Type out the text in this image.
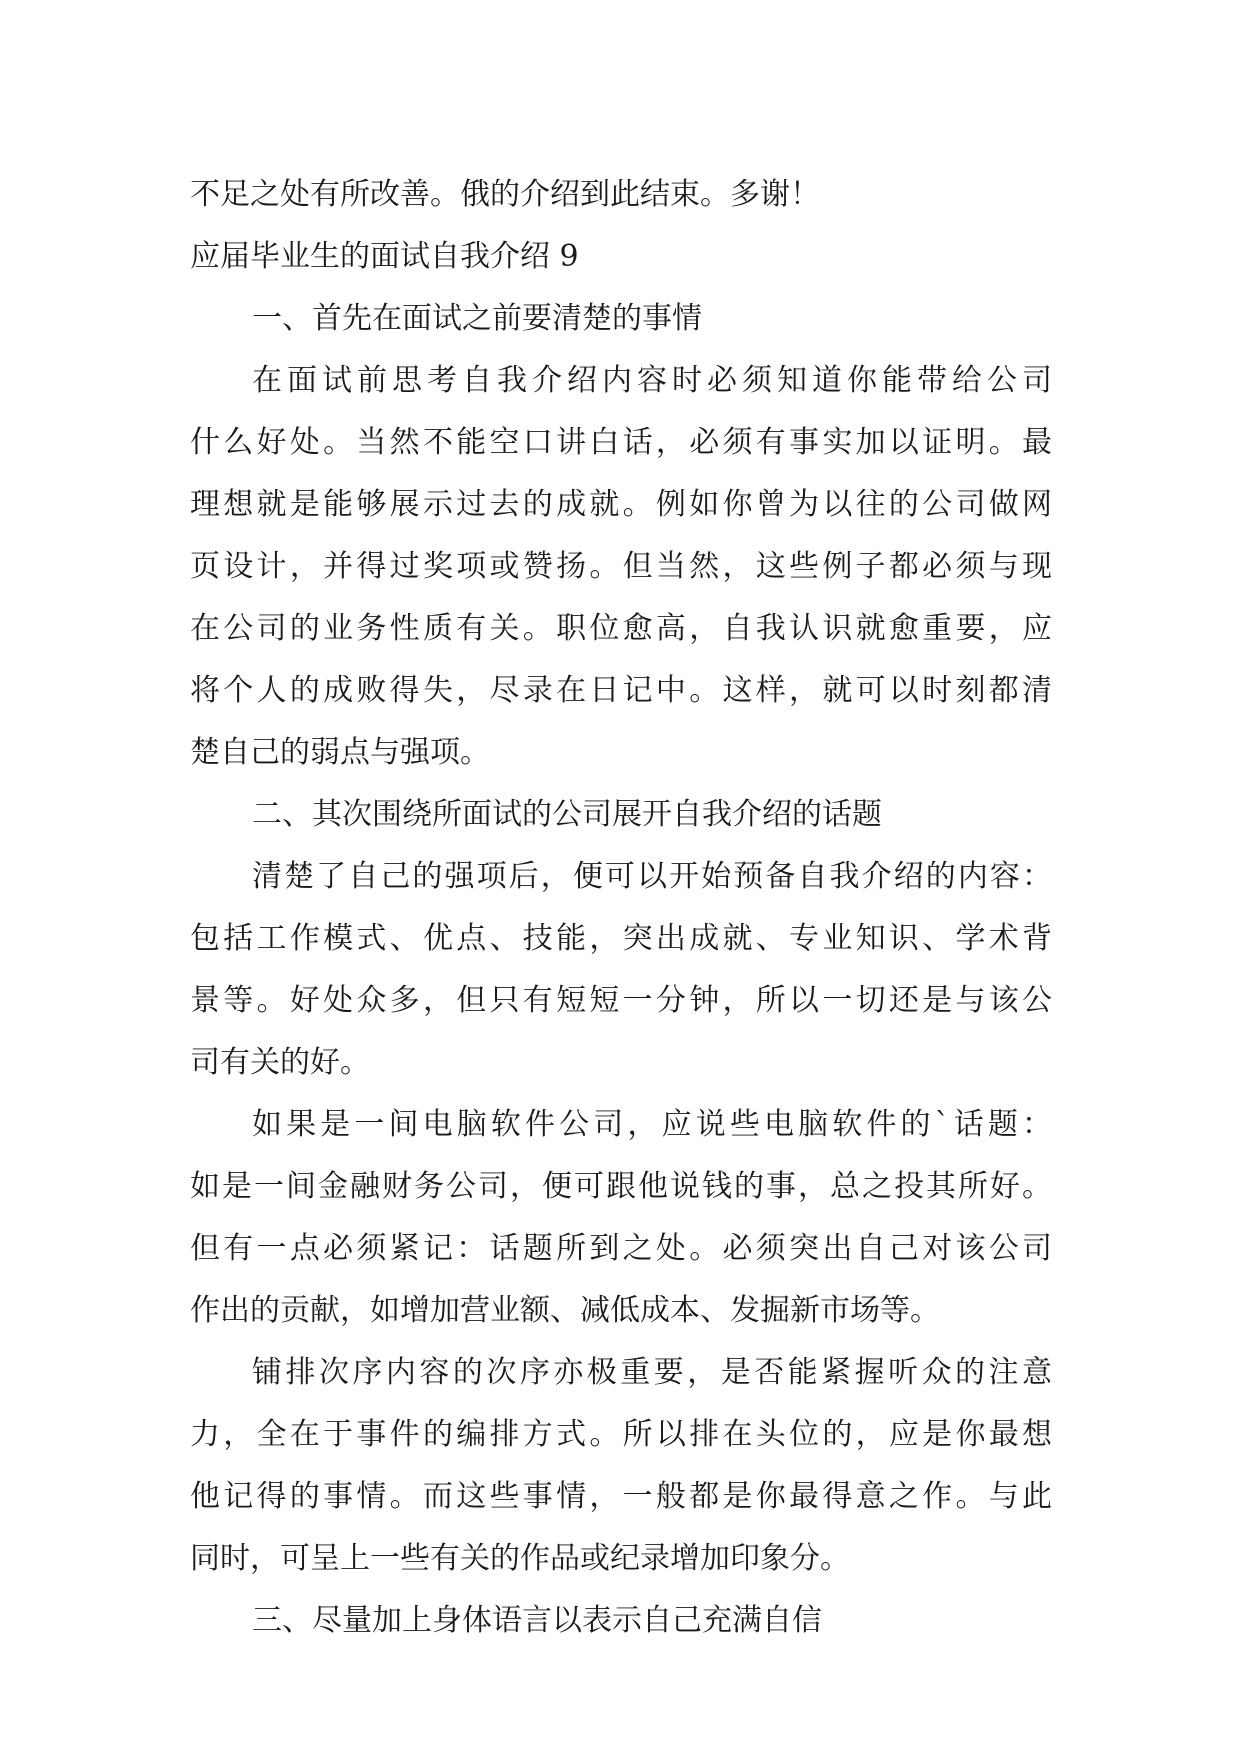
不足之处有所改善。俄的介绍到此结束。多谢！
应届毕业生的面试自我介绍 9
一、首先在面试之前要清楚的事情
在面试前思考自我介绍内容时必须知道你能带给公司
什么好处。当然不能空口讲白话，必须有事实加以证明。最
理想就是能够展示过去的成就。例如你曾为以往的公司做网
页设计，并得过奖项或赞扬。但当然，这些例子都必须与现
在公司的业务性质有关。职位愈高，自我认识就愈重要，应
将个人的成败得失，尽录在日记中。这样，就可以时刻都清
楚自己的弱点与强项。
二、其次围绕所面试的公司展开自我介绍的话题
清楚了自己的强项后，便可以开始预备自我介绍的内容：
包括工作模式、优点、技能，突出成就、专业知识、学术背
景等。好处众多，但只有短短一分钟，所以一切还是与该公
司有关的好。
如果是一间电脑软件公司，应说些电脑软件的`话题：
如是一间金融财务公司，便可跟他说钱的事，总之投其所好。
但有一点必须紧记：话题所到之处。必须突出自己对该公司
作出的贡献，如增加营业额、减低成本、发掘新市场等。
铺排次序内容的次序亦极重要，是否能紧握听众的注意
力，全在于事件的编排方式。所以排在头位的，应是你最想
他记得的事情。而这些事情，一般都是你最得意之作。与此
同时，可呈上一些有关的作品或纪录增加印象分。
三、尽量加上身体语言以表示自己充满自信
